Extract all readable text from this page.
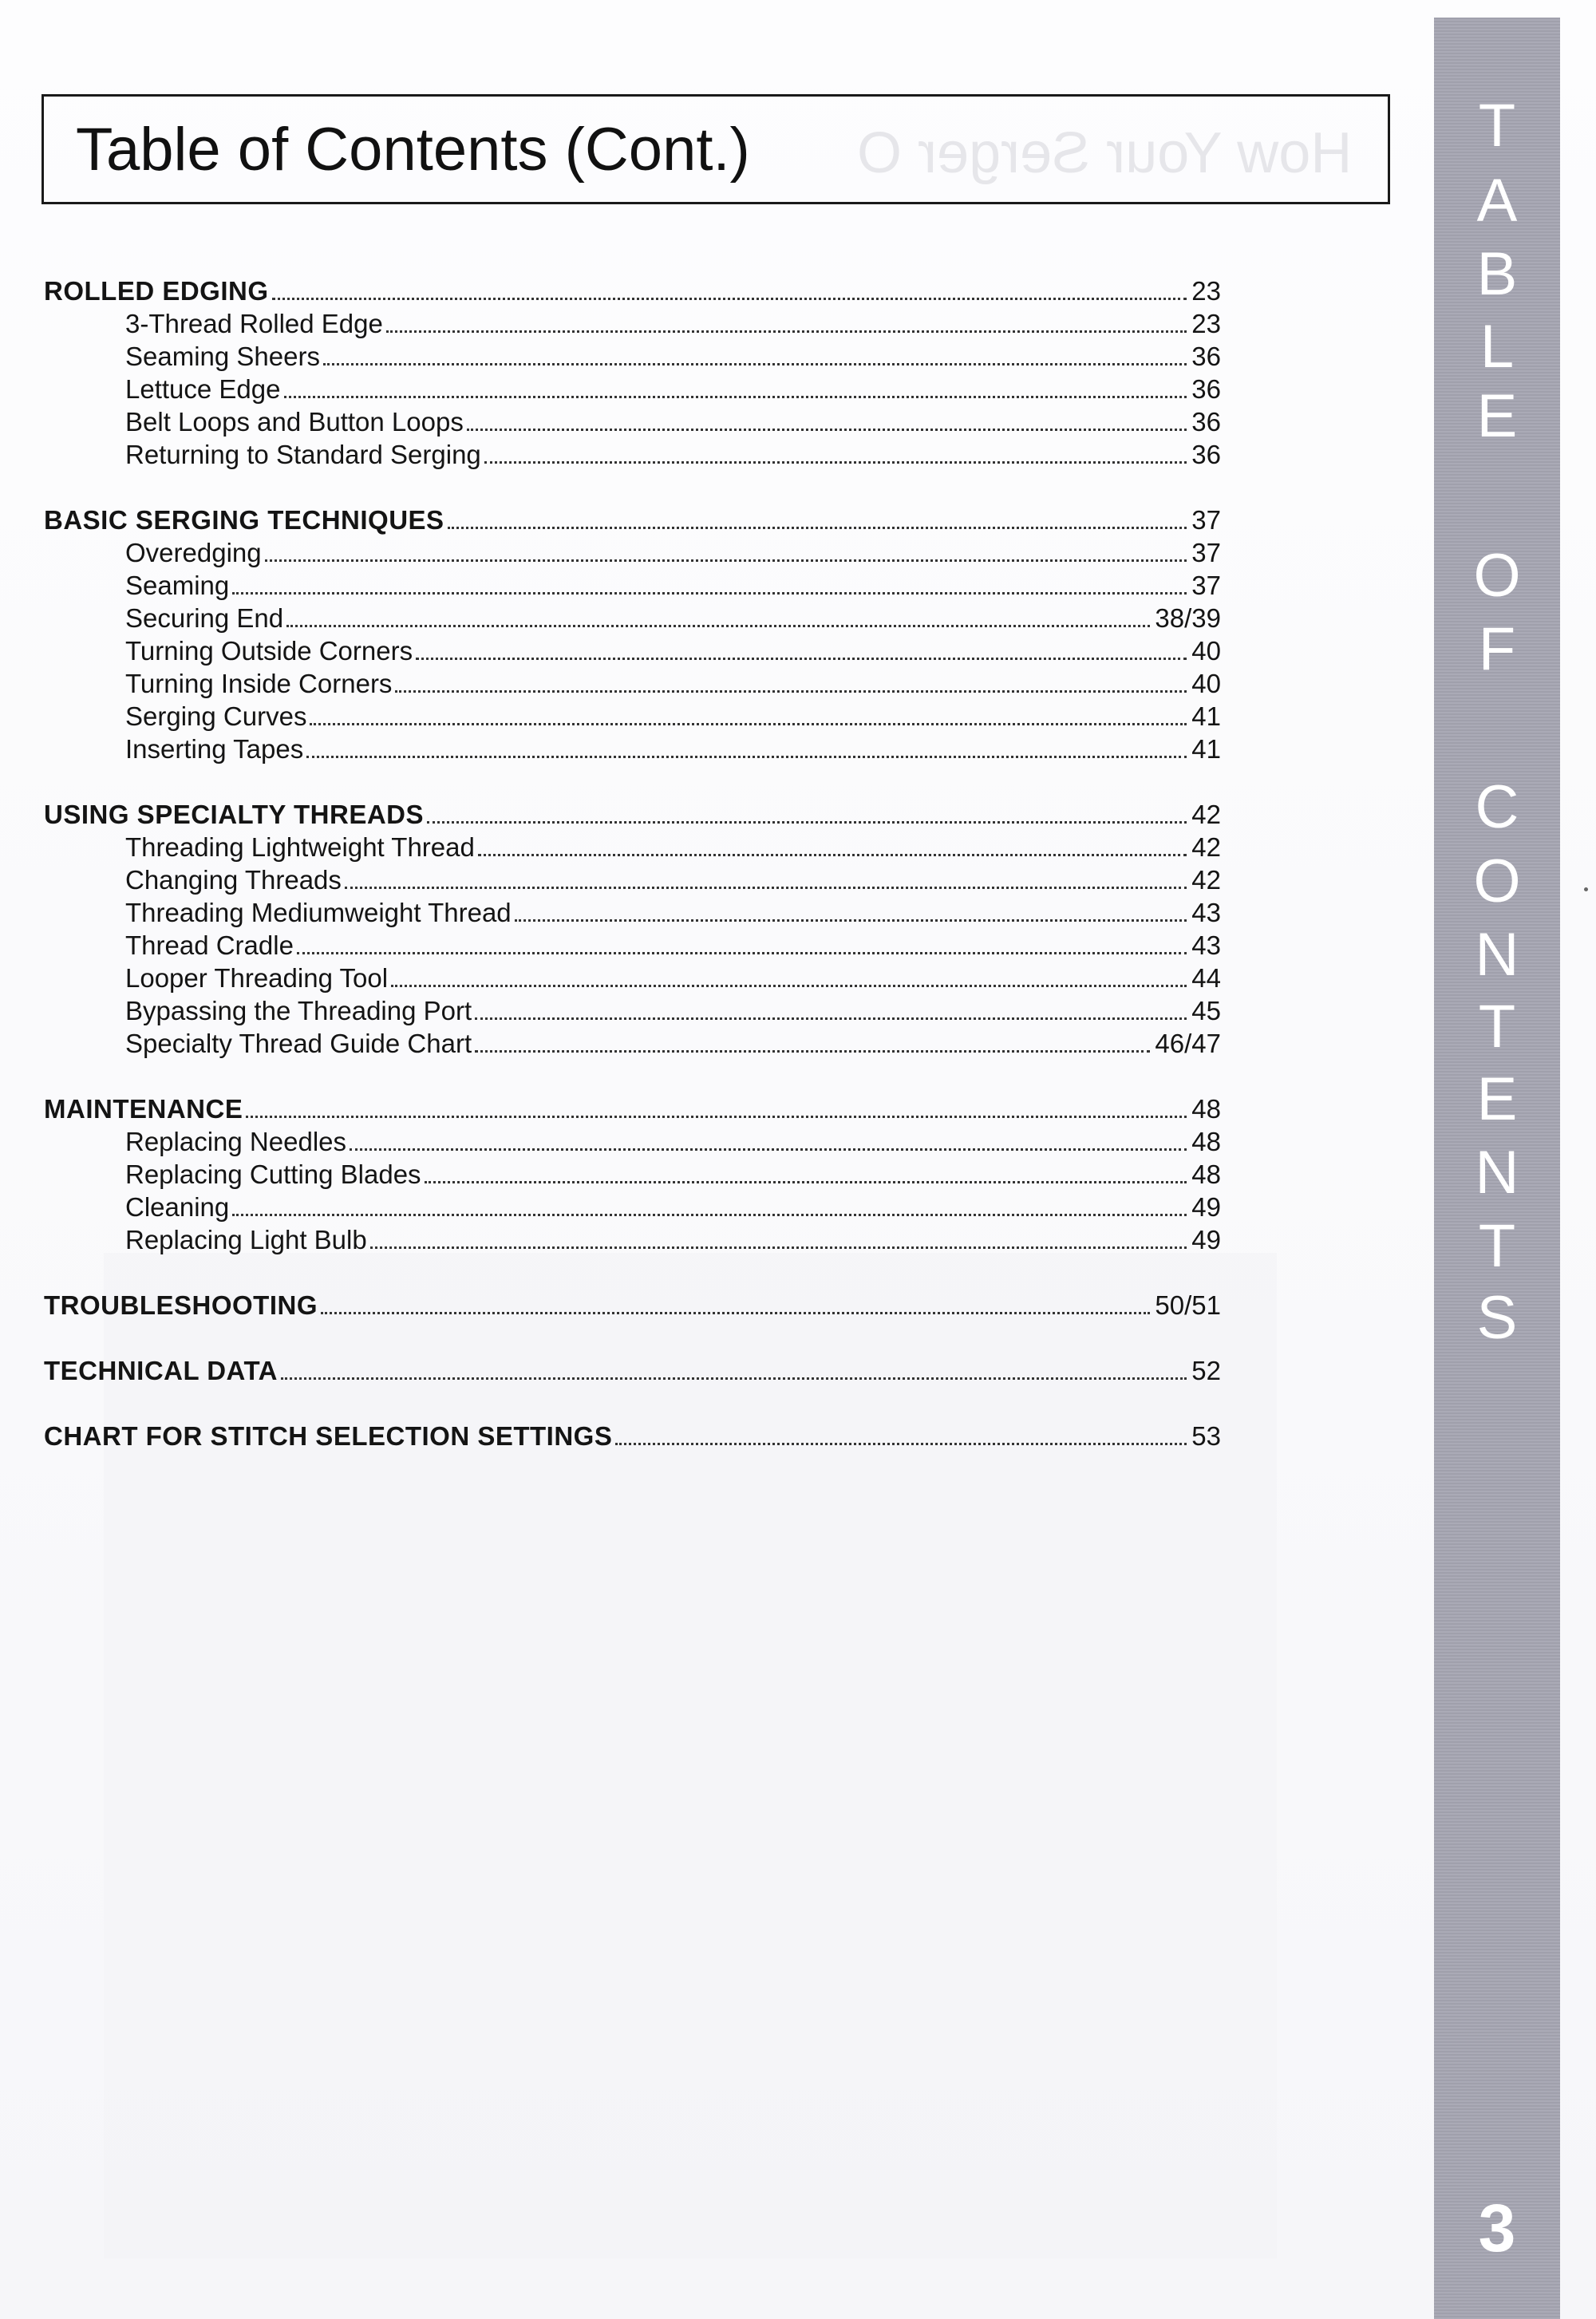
How Your Serger O
Table of Contents (Cont.)
ROLLED EDGING	23
3-Thread Rolled Edge	23
Seaming Sheers	36
Lettuce Edge	36
Belt Loops and Button Loops	36
Returning to Standard Serging	36
BASIC SERGING TECHNIQUES	37
Overedging	37
Seaming	37
Securing End	38/39
Turning Outside Corners	40
Turning Inside Corners	40
Serging Curves	41
Inserting Tapes	41
USING SPECIALTY THREADS	42
Threading Lightweight Thread	42
Changing Threads	42
Threading Mediumweight Thread	43
Thread Cradle	43
Looper Threading Tool	44
Bypassing the Threading Port	45
Specialty Thread Guide Chart	46/47
MAINTENANCE	48
Replacing Needles	48
Replacing Cutting Blades	48
Cleaning	49
Replacing Light Bulb	49
TROUBLESHOOTING	50/51
TECHNICAL DATA	52
CHART FOR STITCH SELECTION SETTINGS	53
3
T
A
B
L
E
O
F
C
O
N
T
E
N
T
S
